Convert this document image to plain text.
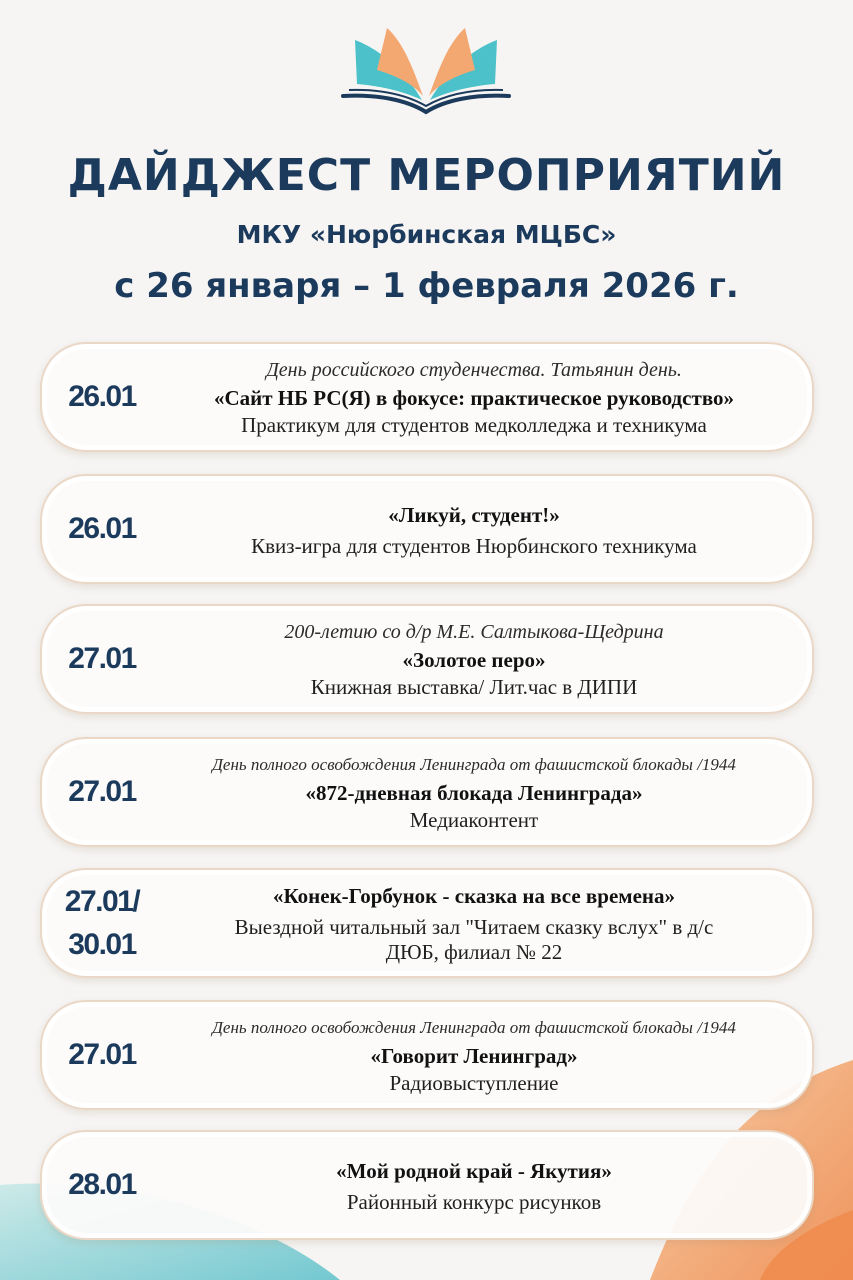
ДАЙДЖЕСТ МЕРОПРИЯТИЙ
МКУ «Нюрбинская МЦБС»
с 26 января – 1 февраля 2026 г.
26.01
День российского студенчества. Татьянин день.
«Сайт НБ РС(Я) в фокусе: практическое руководство»
Практикум для студентов медколледжа и техникума
26.01	«Ликуй, студент!»
Квиз-игра для студентов Нюрбинского техникума
27.01
200-летию со д/р М.Е. Салтыкова-Щедрина
«Золотое перо»
Книжная выставка/ Лит.час в ДИПИ
27.01
День полного освобождения Ленинграда от фашистской блокады /1944
«872-дневная блокада Ленинграда»
Медиаконтент
27.01/
30.01
«Конек-Горбунок - сказка на все времена»
Выездной читальный зал "Читаем сказку вслух" в д/с
ДЮБ, филиал № 22
27.01
День полного освобождения Ленинграда от фашистской блокады /1944
«Говорит Ленинград»
Радиовыступление
28.01	«Мой родной край - Якутия»
Районный конкурс рисунков
